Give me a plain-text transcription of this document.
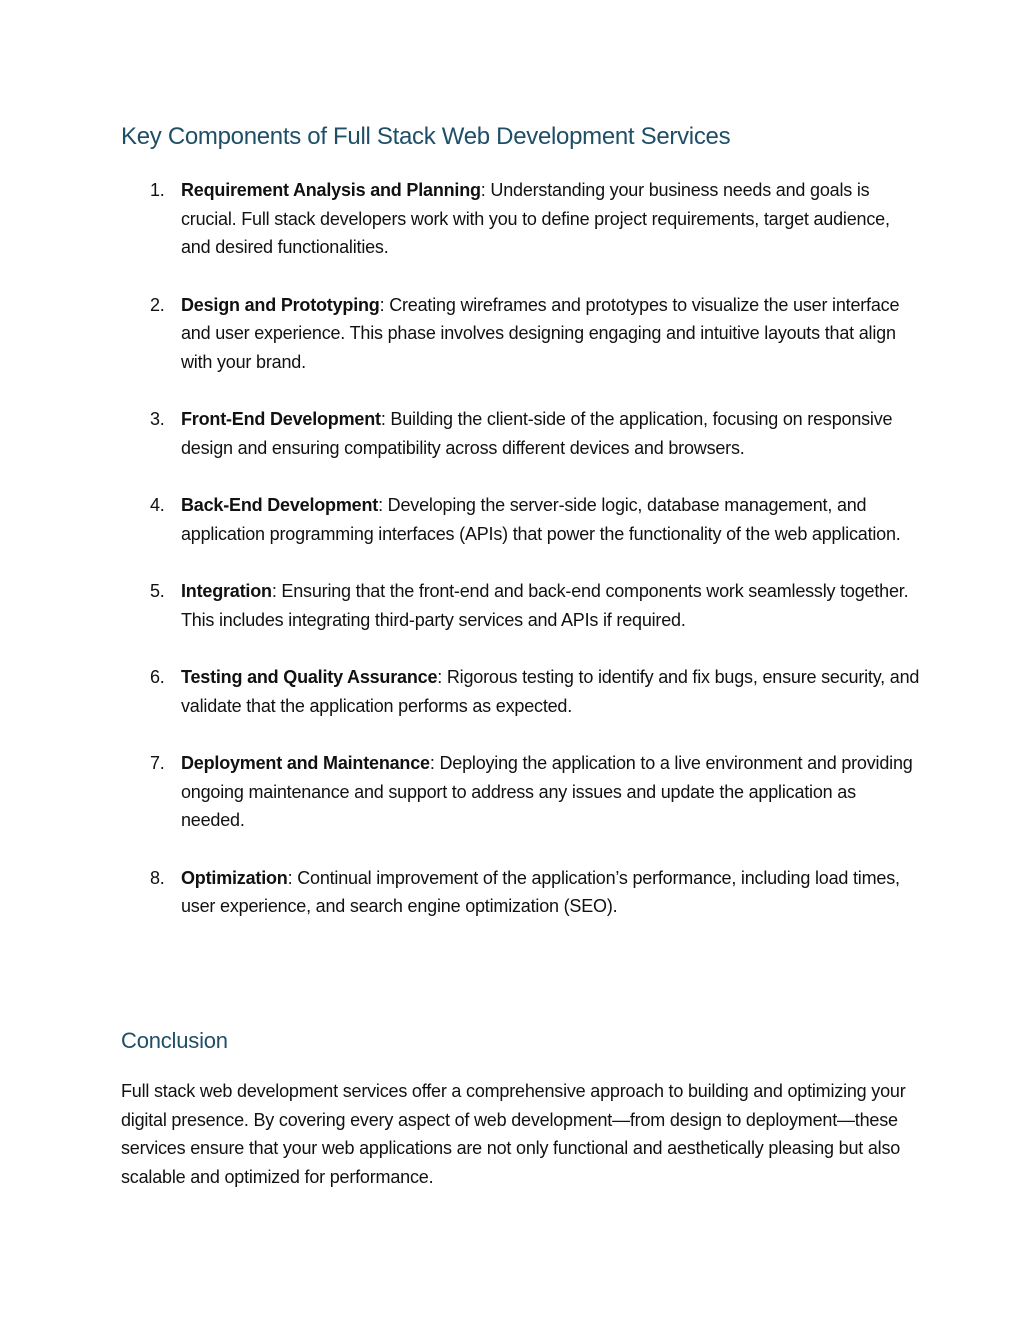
Key Components of Full Stack Web Development Services
1. Requirement Analysis and Planning: Understanding your business needs and goals is crucial. Full stack developers work with you to define project requirements, target audience, and desired functionalities.
2. Design and Prototyping: Creating wireframes and prototypes to visualize the user interface and user experience. This phase involves designing engaging and intuitive layouts that align with your brand.
3. Front-End Development: Building the client-side of the application, focusing on responsive design and ensuring compatibility across different devices and browsers.
4. Back-End Development: Developing the server-side logic, database management, and application programming interfaces (APIs) that power the functionality of the web application.
5. Integration: Ensuring that the front-end and back-end components work seamlessly together. This includes integrating third-party services and APIs if required.
6. Testing and Quality Assurance: Rigorous testing to identify and fix bugs, ensure security, and validate that the application performs as expected.
7. Deployment and Maintenance: Deploying the application to a live environment and providing ongoing maintenance and support to address any issues and update the application as needed.
8. Optimization: Continual improvement of the application’s performance, including load times, user experience, and search engine optimization (SEO).
Conclusion

Full stack web development services offer a comprehensive approach to building and optimizing your digital presence. By covering every aspect of web development—from design to deployment—these services ensure that your web applications are not only functional and aesthetically pleasing but also scalable and optimized for performance.
